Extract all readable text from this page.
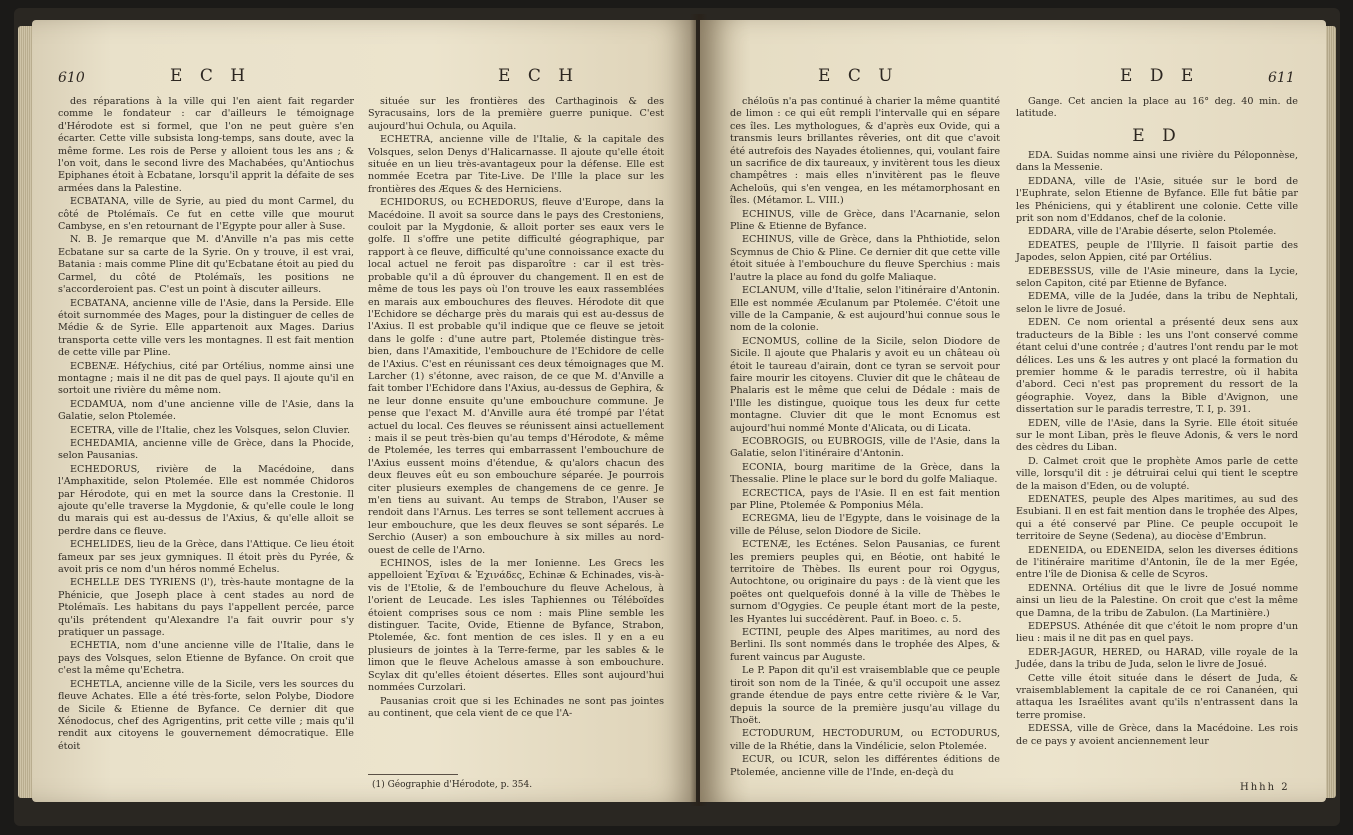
610	E C H	E C H

des réparations à la ville qui l'en aient fait regarder comme le fondateur : car d'ailleurs le témoignage d'Hérodote est si formel, que l'on ne peut guère s'en écarter. Cette ville subsista long-temps, sans doute, avec la même forme. Les rois de Perse y alloient tous les ans ; & l'on voit, dans le second livre des Machabées, qu'Antiochus Epiphanes étoit à Ecbatane, lorsqu'il apprit la défaite de ses armées dans la Palestine.

ECBATANA, ville de Syrie, au pied du mont Carmel, du côté de Ptolémaïs. Ce fut en cette ville que mourut Cambyse, en s'en retournant de l'Egypte pour aller à Suse.

N. B. Je remarque que M. d'Anville n'a pas mis cette Ecbatane sur sa carte de la Syrie. On y trouve, il est vrai, Batania : mais comme Pline dit qu'Ecbatane étoit au pied du Carmel, du côté de Ptolémaïs, les positions ne s'accorderoient pas. C'est un point à discuter ailleurs.

ECBATANA, ancienne ville de l'Asie, dans la Perside. Elle étoit surnommée des Mages, pour la distinguer de celles de Médie & de Syrie. Elle appartenoit aux Mages. Darius transporta cette ville vers les montagnes. Il est fait mention de cette ville par Pline.

ECBENÆ. Héfychius, cité par Ortélius, nomme ainsi une montagne ; mais il ne dit pas de quel pays. Il ajoute qu'il en sortoit une rivière du même nom.

ECDAMUA, nom d'une ancienne ville de l'Asie, dans la Galatie, selon Ptolemée.

ECETRA, ville de l'Italie, chez les Volsques, selon Cluvier.

ECHEDAMIA, ancienne ville de Grèce, dans la Phocide, selon Pausanias.

ECHEDORUS, rivière de la Macédoine, dans l'Amphaxitide, selon Ptolemée. Elle est nommée Chidoros par Hérodote, qui en met la source dans la Crestonie. Il ajoute qu'elle traverse la Mygdonie, & qu'elle coule le long du marais qui est au-dessus de l'Axius, & qu'elle alloit se perdre dans ce fleuve.

ECHELIDES, lieu de la Grèce, dans l'Attique. Ce lieu étoit fameux par ses jeux gymniques. Il étoit près du Pyrée, & avoit pris ce nom d'un héros nommé Echelus.

ECHELLE DES TYRIENS (l'), très-haute montagne de la Phénicie, que Joseph place à cent stades au nord de Ptolémaïs. Les habitans du pays l'appellent percée, parce qu'ils prétendent qu'Alexandre l'a fait ouvrir pour s'y pratiquer un passage.

ECHETIA, nom d'une ancienne ville de l'Italie, dans le pays des Volsques, selon Etienne de Byfance. On croit que c'est la même qu'Echetra.

ECHETLA, ancienne ville de la Sicile, vers les sources du fleuve Achates. Elle a été très-forte, selon Polybe, Diodore de Sicile & Etienne de Byfance. Ce dernier dit que Xénodocus, chef des Agrigentins, prit cette ville ; mais qu'il rendit aux citoyens le gouvernement démocratique. Elle étoit

située sur les frontières des Carthaginois & des Syracusains, lors de la première guerre punique. C'est aujourd'hui Ochula, ou Aquila.

ECHETRA, ancienne ville de l'Italie, & la capitale des Volsques, selon Denys d'Halicarnasse. Il ajoute qu'elle étoit située en un lieu très-avantageux pour la défense. Elle est nommée Ecetra par Tite-Live. De l'Ille la place sur les frontières des Æques & des Herniciens.

ECHIDORUS, ou ECHEDORUS, fleuve d'Europe, dans la Macédoine. Il avoit sa source dans le pays des Crestoniens, couloit par la Mygdonie, & alloit porter ses eaux vers le golfe. Il s'offre une petite difficulté géographique, par rapport à ce fleuve, difficulté qu'une connoissance exacte du local actuel ne feroit pas disparoître : car il est très-probable qu'il a dû éprouver du changement. Il en est de même de tous les pays où l'on trouve les eaux rassemblées en marais aux embouchures des fleuves. Hérodote dit que l'Echidore se décharge près du marais qui est au-dessus de l'Axius. Il est probable qu'il indique que ce fleuve se jetoit dans le golfe : d'une autre part, Ptolemée distingue très-bien, dans l'Amaxitide, l'embouchure de l'Echidore de celle de l'Axius. C'est en réunissant ces deux témoignages que M. Larcher (1) s'étonne, avec raison, de ce que M. d'Anville a fait tomber l'Echidore dans l'Axius, au-dessus de Gephira, & ne leur donne ensuite qu'une embouchure commune. Je pense que l'exact M. d'Anville aura été trompé par l'état actuel du local. Ces fleuves se réunissent ainsi actuellement : mais il se peut très-bien qu'au temps d'Hérodote, & même de Ptolemée, les terres qui embarrassent l'embouchure de l'Axius eussent moins d'étendue, & qu'alors chacun des deux fleuves eût eu son embouchure séparée. Je pourrois citer plusieurs exemples de changemens de ce genre. Je m'en tiens au suivant. Au temps de Strabon, l'Auser se rendoit dans l'Arnus. Les terres se sont tellement accrues à leur embouchure, que les deux fleuves se sont séparés. Le Serchio (Auser) a son embouchure à six milles au nord-ouest de celle de l'Arno.

ECHINOS, isles de la mer Ionienne. Les Grecs les appelloient Ἐχῖναι & Ἐχινάδες, Echinæ & Echinades, vis-à-vis de l'Etolie, & de l'embouchure du fleuve Achelous, à l'orient de Leucade. Les isles Taphiennes ou Téléboïdes étoient comprises sous ce nom : mais Pline semble les distinguer. Tacite, Ovide, Etienne de Byfance, Strabon, Ptolemée, &c. font mention de ces isles. Il y en a eu plusieurs de jointes à la Terre-ferme, par les sables & le limon que le fleuve Achelous amasse à son embouchure. Scylax dit qu'elles étoient désertes. Elles sont aujourd'hui nommées Curzolari.

Pausanias croit que si les Echinades ne sont pas jointes au continent, que cela vient de ce que l'A-

(1) Géographie d'Hérodote, p. 354.
E C U	E D E	611

chéloüs n'a pas continué à charier la même quantité de limon : ce qui eût rempli l'intervalle qui en sépare ces îles. Les mythologues, & d'après eux Ovide, qui a transmis leurs brillantes rêveries, ont dit que c'avoit été autrefois des Nayades étoliennes, qui, voulant faire un sacrifice de dix taureaux, y invitèrent tous les dieux champêtres : mais elles n'invitèrent pas le fleuve Acheloüs, qui s'en vengea, en les métamorphosant en îles. (Métamor. L. VIII.)

ECHINUS, ville de Grèce, dans l'Acarnanie, selon Pline & Etienne de Byfance.

ECHINUS, ville de Grèce, dans la Phthiotide, selon Scymnus de Chio & Pline. Ce dernier dit que cette ville étoit située à l'embouchure du fleuve Sperchius : mais l'autre la place au fond du golfe Maliaque.

ECLANUM, ville d'Italie, selon l'itinéraire d'Antonin. Elle est nommée Æculanum par Ptolemée. C'étoit une ville de la Campanie, & est aujourd'hui connue sous le nom de la colonie.

ECNOMUS, colline de la Sicile, selon Diodore de Sicile. Il ajoute que Phalaris y avoit eu un château où étoit le taureau d'airain, dont ce tyran se servoit pour faire mourir les citoyens. Cluvier dit que le château de Phalaris est le même que celui de Dédale : mais de l'Ille les distingue, quoique tous les deux fur cette montagne. Cluvier dit que le mont Ecnomus est aujourd'hui nommé Monte d'Alicata, ou di Licata.

ECOBROGIS, ou EUBROGIS, ville de l'Asie, dans la Galatie, selon l'itinéraire d'Antonin.

ECONIA, bourg maritime de la Grèce, dans la Thessalie. Pline le place sur le bord du golfe Maliaque.

ECRECTICA, pays de l'Asie. Il en est fait mention par Pline, Ptolemée & Pomponius Méla.

ECREGMA, lieu de l'Egypte, dans le voisinage de la ville de Péluse, selon Diodore de Sicile.

ECTENÆ, les Ecténes. Selon Pausanias, ce furent les premiers peuples qui, en Béotie, ont habité le territoire de Thèbes. Ils eurent pour roi Ogygus, Autochtone, ou originaire du pays : de là vient que les poëtes ont quelquefois donné à la ville de Thèbes le surnom d'Ogygies. Ce peuple étant mort de la peste, les Hyantes lui succédèrent. Pauf. in Boeo. c. 5.

ECTINI, peuple des Alpes maritimes, au nord des Berlini. Ils sont nommés dans le trophée des Alpes, & furent vaincus par Auguste.

Le P. Papon dit qu'il est vraisemblable que ce peuple tiroit son nom de la Tinée, & qu'il occupoit une assez grande étendue de pays entre cette rivière & le Var, depuis la source de la première jusqu'au village du Thoët.

ECTODURUM, HECTODURUM, ou ECTODURUS, ville de la Rhétie, dans la Vindélicie, selon Ptolemée.

ECUR, ou ICUR, selon les différentes éditions de Ptolemée, ancienne ville de l'Inde, en-deçà du

Gange. Cet ancien la place au 16° deg. 40 min. de latitude.

E D

EDA. Suidas nomme ainsi une rivière du Péloponnèse, dans la Messenie.

EDDANA, ville de l'Asie, située sur le bord de l'Euphrate, selon Etienne de Byfance. Elle fut bâtie par les Phéniciens, qui y établirent une colonie. Cette ville prit son nom d'Eddanos, chef de la colonie.

EDDARA, ville de l'Arabie déserte, selon Ptolemée.

EDEATES, peuple de l'Illyrie. Il faisoit partie des Japodes, selon Appien, cité par Ortélius.

EDEBESSUS, ville de l'Asie mineure, dans la Lycie, selon Capiton, cité par Etienne de Byfance.

EDEMA, ville de la Judée, dans la tribu de Nephtali, selon le livre de Josué.

EDEN. Ce nom oriental a présenté deux sens aux traducteurs de la Bible : les uns l'ont conservé comme étant celui d'une contrée ; d'autres l'ont rendu par le mot délices. Les uns & les autres y ont placé la formation du premier homme & le paradis terrestre, où il habita d'abord. Ceci n'est pas proprement du ressort de la géographie. Voyez, dans la Bible d'Avignon, une dissertation sur le paradis terrestre, T. I, p. 391.

EDEN, ville de l'Asie, dans la Syrie. Elle étoit située sur le mont Liban, près le fleuve Adonis, & vers le nord des cèdres du Liban.

D. Calmet croit que le prophète Amos parle de cette ville, lorsqu'il dit : je détruirai celui qui tient le sceptre de la maison d'Eden, ou de volupté.

EDENATES, peuple des Alpes maritimes, au sud des Esubiani. Il en est fait mention dans le trophée des Alpes, qui a été conservé par Pline. Ce peuple occupoit le territoire de Seyne (Sedena), au diocèse d'Embrun.

EDENEIDA, ou EDENEIDA, selon les diverses éditions de l'itinéraire maritime d'Antonin, île de la mer Egée, entre l'île de Dionisa & celle de Scyros.

EDENNA. Ortélius dit que le livre de Josué nomme ainsi un lieu de la Palestine. On croit que c'est la même que Damna, de la tribu de Zabulon. (La Martinière.)

EDEPSUS. Athénée dit que c'étoit le nom propre d'un lieu : mais il ne dit pas en quel pays.

EDER-JAGUR, HERED, ou HARAD, ville royale de la Judée, dans la tribu de Juda, selon le livre de Josué.

Cette ville étoit située dans le désert de Juda, & vraisemblablement la capitale de ce roi Cananéen, qui attaqua les Israélites avant qu'ils n'entrassent dans la terre promise.

EDESSA, ville de Grèce, dans la Macédoine. Les rois de ce pays y avoient anciennement leur

Hhhh 2
